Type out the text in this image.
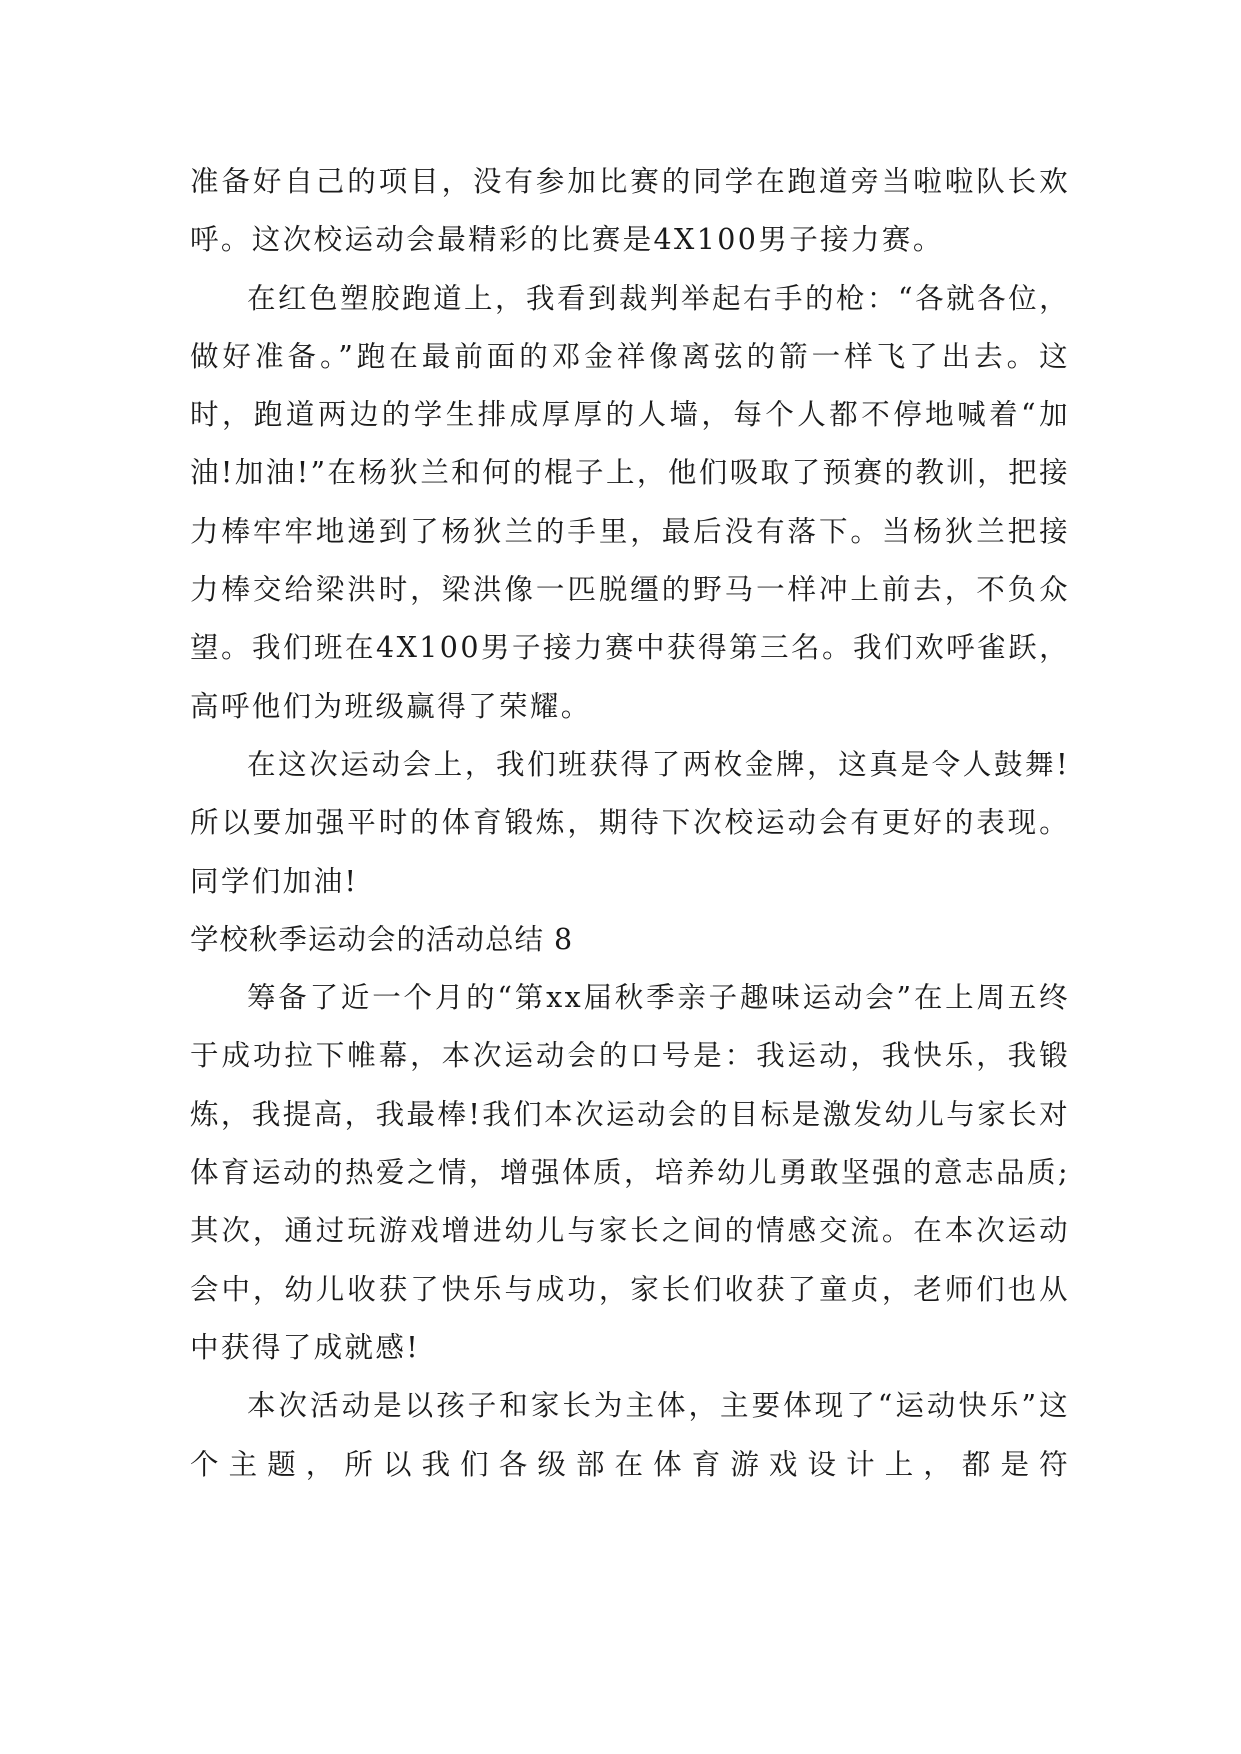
准备好自己的项目，没有参加比赛的同学在跑道旁当啦啦队长欢呼。这次校运动会最精彩的比赛是4X100男子接力赛。

在红色塑胶跑道上，我看到裁判举起右手的枪：“各就各位，做好准备。”跑在最前面的邓金祥像离弦的箭一样飞了出去。这时，跑道两边的学生排成厚厚的人墙，每个人都不停地喊着“加油!加油!”在杨狄兰和何的棍子上，他们吸取了预赛的教训，把接力棒牢牢地递到了杨狄兰的手里，最后没有落下。当杨狄兰把接力棒交给梁洪时，梁洪像一匹脱缰的野马一样冲上前去，不负众望。我们班在4X100男子接力赛中获得第三名。我们欢呼雀跃，高呼他们为班级赢得了荣耀。

在这次运动会上，我们班获得了两枚金牌，这真是令人鼓舞!所以要加强平时的体育锻炼，期待下次校运动会有更好的表现。同学们加油!

学校秋季运动会的活动总结 8

筹备了近一个月的“第xx届秋季亲子趣味运动会”在上周五终于成功拉下帷幕，本次运动会的口号是：我运动，我快乐，我锻炼，我提高，我最棒!我们本次运动会的目标是激发幼儿与家长对体育运动的热爱之情，增强体质，培养幼儿勇敢坚强的意志品质;其次，通过玩游戏增进幼儿与家长之间的情感交流。在本次运动会中，幼儿收获了快乐与成功，家长们收获了童贞，老师们也从中获得了成就感!

本次活动是以孩子和家长为主体，主要体现了“运动快乐”这个主题，所以我们各级部在体育游戏设计上，都是符
